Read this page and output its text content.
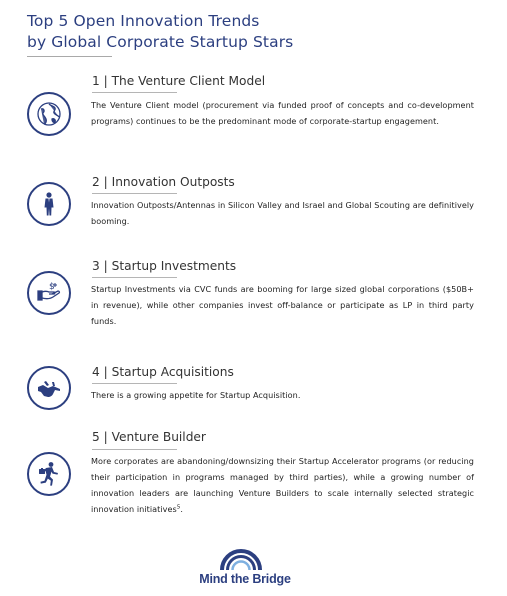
Top 5 Open Innovation Trends
by Global Corporate Startup Stars
1 | The Venture Client Model
The Venture Client model (procurement via funded proof of concepts and co-development programs) continues to be the predominant mode of corporate-startup engagement.
2 | Innovation Outposts
Innovation Outposts/Antennas in Silicon Valley and Israel and Global Scouting are definitively booming.
$
3 | Startup Investments
Startup Investments via CVC funds are booming for large sized global corporations ($50B+ in revenue), while other companies invest off-balance or participate as LP in third party funds.
4 | Startup Acquisitions
There is a growing appetite for Startup Acquisition.
5 | Venture Builder
More corporates are abandoning/downsizing their Startup Accelerator programs (or reducing their participation in programs managed by third parties), while a growing number of innovation leaders are launching Venture Builders to scale internally selected strategic innovation initiatives$^5$.
Mind the Bridge
